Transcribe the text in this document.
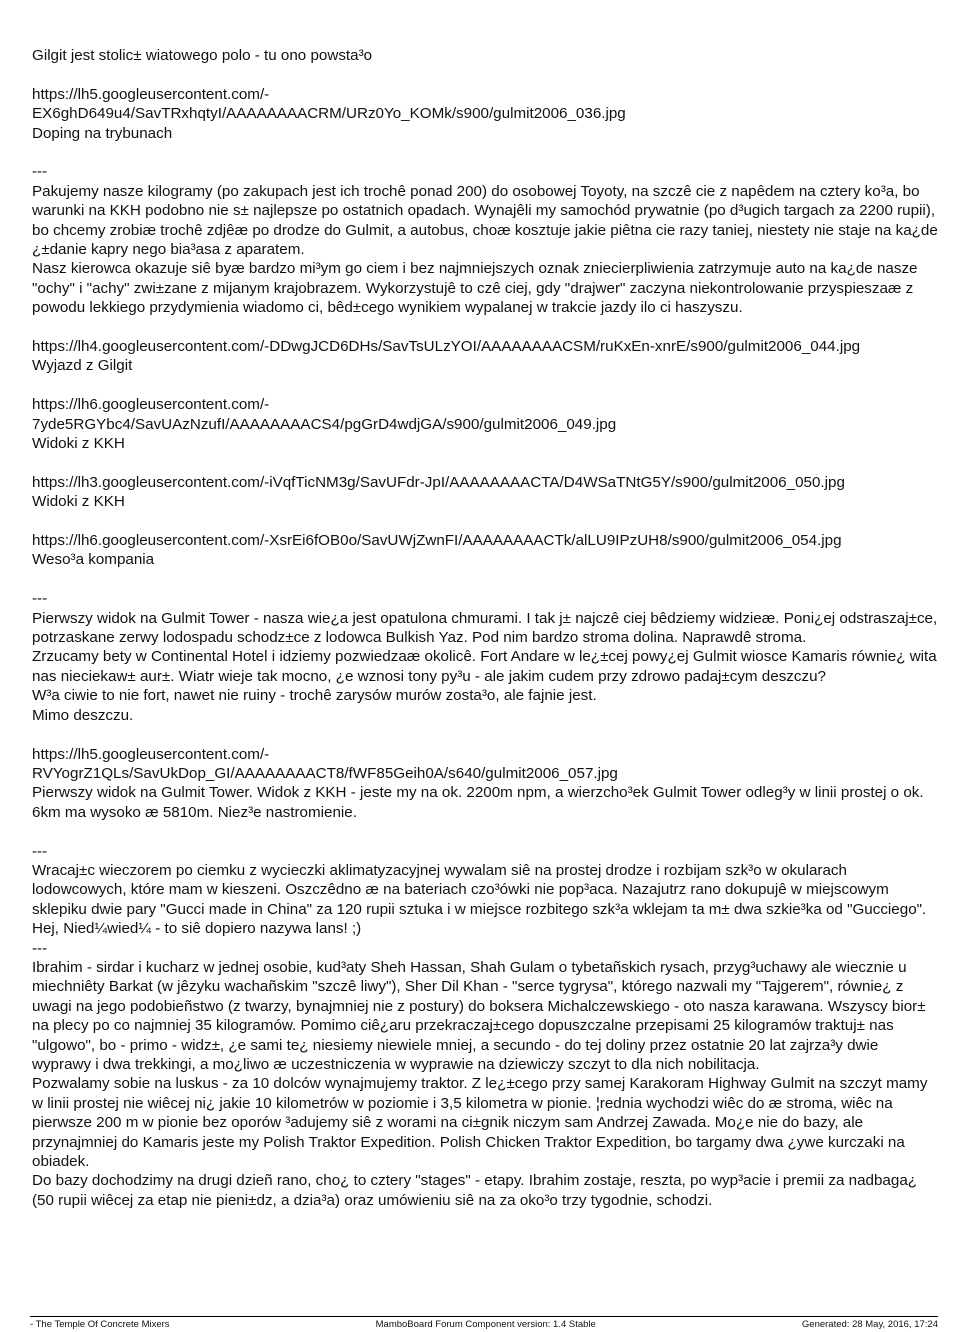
Gilgit jest stolic± wiatowego polo - tu ono powsta³o
https://lh5.googleusercontent.com/-
EX6ghD649u4/SavTRxhqtyI/AAAAAAAACRM/URz0Yo_KOMk/s900/gulmit2006_036.jpg
Doping na trybunach
---
Pakujemy nasze kilogramy (po zakupach jest ich trochê ponad 200) do osobowej Toyoty, na szczê cie z napêdem na cztery ko³a, bo warunki na KKH podobno nie s± najlepsze po ostatnich opadach. Wynajêli my samochód prywatnie (po d³ugich targach za 2200 rupii), bo chcemy zrobiæ trochê zdjêæ po drodze do Gulmit, a autobus, choæ kosztuje jakie piêtna cie razy taniej, niestety nie staje na ka¿de ¿±danie kapry nego bia³asa z aparatem.
Nasz kierowca okazuje siê byæ bardzo mi³ym go ciem i bez najmniejszych oznak zniecierpliwienia zatrzymuje auto na ka¿de nasze "ochy" i "achy" zwi±zane z mijanym krajobrazem. Wykorzystujê to czê ciej, gdy "drajwer" zaczyna niekontrolowanie przyspieszaæ z powodu lekkiego przydymienia wiadomo ci, bêd±cego wynikiem wypalanej w trakcie jazdy ilo ci haszyszu.
https://lh4.googleusercontent.com/-DDwgJCD6DHs/SavTsULzYOI/AAAAAAAACSM/ruKxEn-xnrE/s900/gulmit2006_044.jpg
Wyjazd z Gilgit
https://lh6.googleusercontent.com/-
7yde5RGYbc4/SavUAzNzufI/AAAAAAAACS4/pgGrD4wdjGA/s900/gulmit2006_049.jpg
Widoki z KKH
https://lh3.googleusercontent.com/-iVqfTicNM3g/SavUFdr-JpI/AAAAAAAACTA/D4WSaTNtG5Y/s900/gulmit2006_050.jpg
Widoki z KKH
https://lh6.googleusercontent.com/-XsrEi6fOB0o/SavUWjZwnFI/AAAAAAAACTk/alLU9IPzUH8/s900/gulmit2006_054.jpg
Weso³a kompania
---
Pierwszy widok na Gulmit Tower - nasza wie¿a jest opatulona chmurami. I tak j± najczê ciej bêdziemy widzieæ. Poni¿ej odstraszaj±ce, potrzaskane zerwy lodospadu schodz±ce z lodowca Bulkish Yaz. Pod nim bardzo stroma dolina. Naprawdê stroma.
Zrzucamy bety w Continental Hotel i idziemy pozwiedzaæ okolicê. Fort Andare w le¿±cej powy¿ej Gulmit wiosce Kamaris równie¿ wita nas nieciekaw± aur±. Wiatr wieje tak mocno, ¿e wznosi tony py³u - ale jakim cudem przy zdrowo padaj±cym deszczu?
W³a ciwie to nie fort, nawet nie ruiny - trochê zarysów murów zosta³o, ale fajnie jest.
Mimo deszczu.
https://lh5.googleusercontent.com/-
RVYogrZ1QLs/SavUkDop_GI/AAAAAAAACT8/fWF85Geih0A/s640/gulmit2006_057.jpg
Pierwszy widok na Gulmit Tower. Widok z KKH - jeste my na ok. 2200m npm, a wierzcho³ek Gulmit Tower odleg³y w linii prostej o ok. 6km ma wysoko æ 5810m. Niez³e nastromienie.
---
Wracaj±c wieczorem po ciemku z wycieczki aklimatyzacyjnej wywalam siê na prostej drodze i rozbijam szk³o w okularach lodowcowych, które mam w kieszeni. Oszczêdno æ na bateriach czo³ówki nie pop³aca. Nazajutrz rano dokupujê w miejscowym sklepiku dwie pary "Gucci made in China" za 120 rupii sztuka i w miejsce rozbitego szk³a wklejam ta m± dwa szkie³ka od "Gucciego". Hej, Nied¼wied¼ - to siê dopiero nazywa lans! ;)
---
Ibrahim - sirdar i kucharz w jednej osobie, kud³aty Sheh Hassan, Shah Gulam o tybetañskich rysach, przyg³uchawy ale wiecznie u miechniêty Barkat (w jêzyku wachañskim "szczê liwy"), Sher Dil Khan - "serce tygrysa", którego nazwali my "Tajgerem", równie¿ z uwagi na jego podobieñstwo (z twarzy, bynajmniej nie z postury) do boksera Michalczewskiego - oto nasza karawana. Wszyscy bior± na plecy po co najmniej 35 kilogramów. Pomimo ciê¿aru przekraczaj±cego dopuszczalne przepisami 25 kilogramów traktuj± nas "ulgowo", bo - primo - widz±, ¿e sami te¿ niesiemy niewiele mniej, a secundo - do tej doliny przez ostatnie 20 lat zajrza³y dwie wyprawy i dwa trekkingi, a mo¿liwo æ uczestniczenia w wyprawie na dziewiczy szczyt to dla nich nobilitacja.
Pozwalamy sobie na luskus - za 10 dolców wynajmujemy traktor. Z le¿±cego przy samej Karakoram Highway Gulmit na szczyt mamy w linii prostej nie wiêcej ni¿ jakie 10 kilometrów w poziomie i 3,5 kilometra w pionie. ¦rednia wychodzi wiêc do æ stroma, wiêc na pierwsze 200 m w pionie bez oporów ³adujemy siê z worami na ci±gnik niczym sam Andrzej Zawada. Mo¿e nie do bazy, ale przynajmniej do Kamaris jeste my Polish Traktor Expedition. Polish Chicken Traktor Expedition, bo targamy dwa ¿ywe kurczaki na obiadek.
Do bazy dochodzimy na drugi dzieñ rano, cho¿ to cztery "stages" - etapy. Ibrahim zostaje, reszta, po wyp³acie i premii za nadbaga¿ (50 rupii wiêcej za etap nie pieni±dz, a dzia³a) oraz umówieniu siê na za oko³o trzy tygodnie, schodzi.
- The Temple Of Concrete Mixers	MamboBoard Forum Component version: 1.4 Stable	Generated: 28 May, 2016, 17:24
